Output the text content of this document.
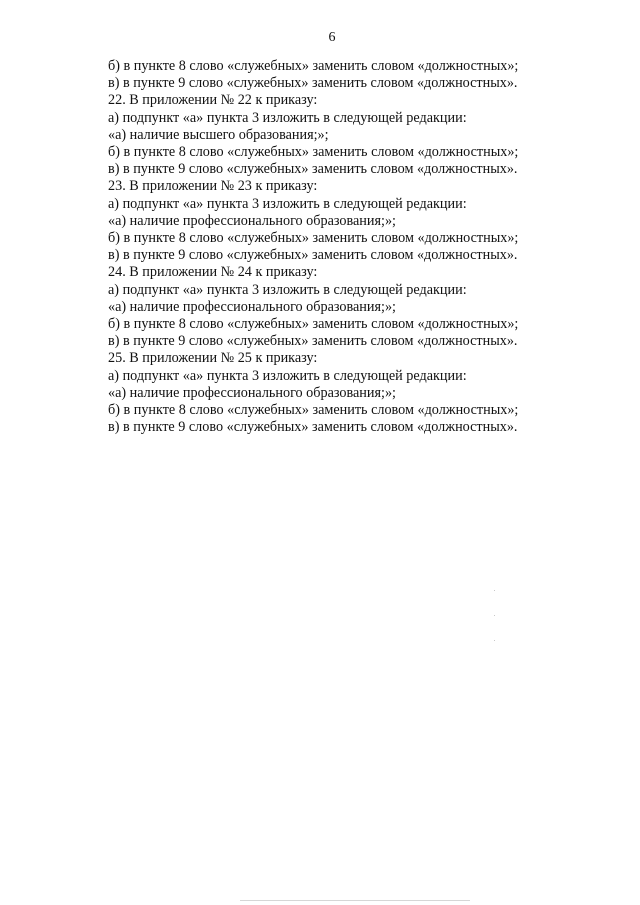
6
б) в пункте 8 слово «служебных» заменить словом «должностных»;
в) в пункте 9 слово «служебных» заменить словом «должностных».
22. В приложении № 22 к приказу:
а) подпункт «а» пункта 3 изложить в следующей редакции:
«а) наличие высшего образования;»;
б) в пункте 8 слово «служебных» заменить словом «должностных»;
в) в пункте 9 слово «служебных» заменить словом «должностных».
23. В приложении № 23 к приказу:
а) подпункт «а» пункта 3 изложить в следующей редакции:
«а) наличие профессионального образования;»;
б) в пункте 8 слово «служебных» заменить словом «должностных»;
в) в пункте 9 слово «служебных» заменить словом «должностных».
24. В приложении № 24 к приказу:
а) подпункт «а» пункта 3 изложить в следующей редакции:
«а) наличие профессионального образования;»;
б) в пункте 8 слово «служебных» заменить словом «должностных»;
в) в пункте 9 слово «служебных» заменить словом «должностных».
25. В приложении № 25 к приказу:
а) подпункт «а» пункта 3 изложить в следующей редакции:
«а) наличие профессионального образования;»;
б) в пункте 8 слово «служебных» заменить словом «должностных»;
в) в пункте 9 слово «служебных» заменить словом «должностных».
